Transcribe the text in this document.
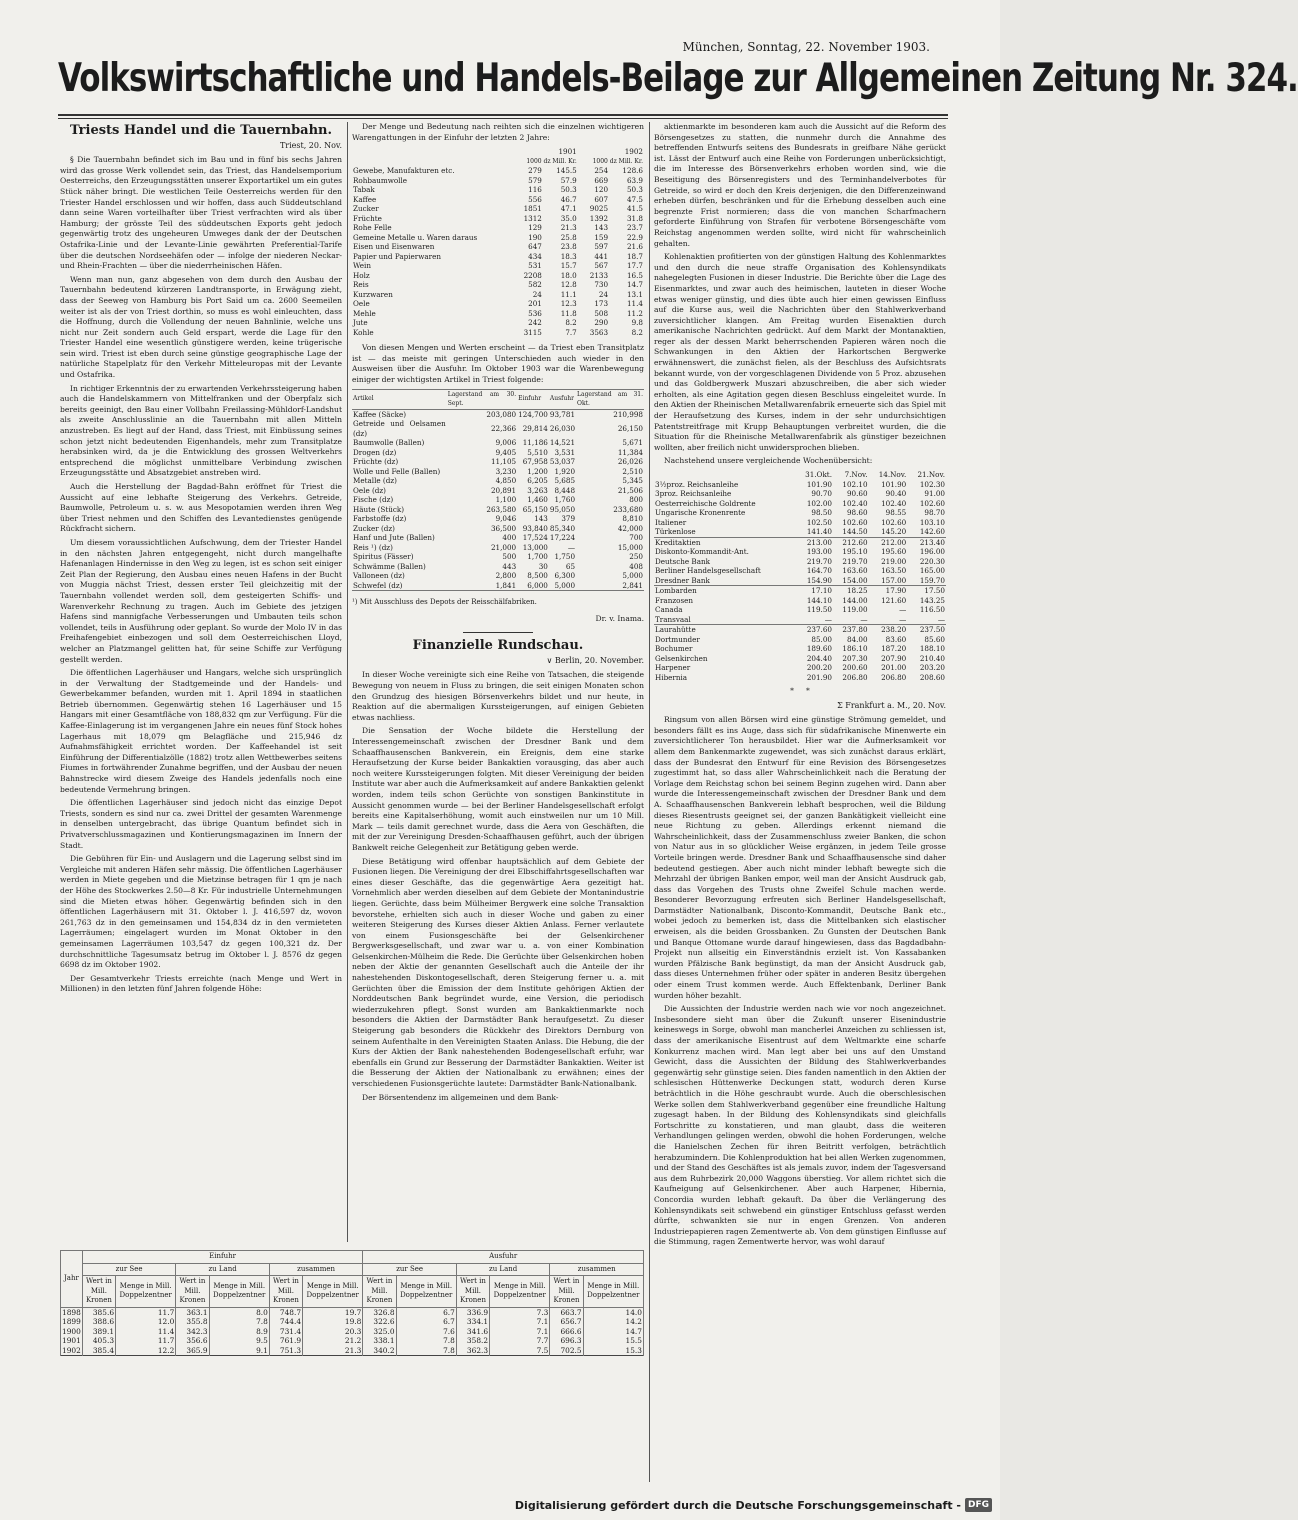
München, Sonntag, 22. November 1903.
Volkswirtschaftliche und Handels-Beilage zur Allgemeinen Zeitung Nr. 324.
Triests Handel und die Tauernbahn.
Triest, 20. Nov.

§ Die Tauernbahn befindet sich im Bau und in fünf bis sechs Jahren wird das grosse Werk vollendet sein, das Triest, das Handelsemporium Oesterreichs, den Erzeugungsstätten unserer Exportartikel um ein gutes Stück näher bringt. Die westlichen Teile Oesterreichs werden für den Triester Handel erschlossen und wir hoffen, dass auch Süddeutschland dann seine Waren vorteilhafter über Triest verfrachten wird als über Hamburg; der grösste Teil des süddeutschen Exports geht jedoch gegenwärtig trotz des ungeheuren Umweges dank der der Deutschen Ostafrika-Linie und der Levante-Linie gewährten Preferential-Tarife über die deutschen Nordseehäfen oder — infolge der niederen Neckar- und Rhein-Frachten — über die niederrheinischen Häfen.

Wenn man nun, ganz abgesehen von dem durch den Ausbau der Tauernbahn bedeutend kürzeren Landtransporte, in Erwägung zieht, dass der Seeweg von Hamburg bis Port Said um ca. 2600 Seemeilen weiter ist als der von Triest dorthin, so muss es wohl einleuchten, dass die Hoffnung, durch die Vollendung der neuen Bahnlinie, welche uns nicht nur Zeit sondern auch Geld erspart, werde die Lage für den Triester Handel eine wesentlich günstigere werden, keine trügerische sein wird. Triest ist eben durch seine günstige geographische Lage der natürliche Stapelplatz für den Verkehr Mitteleuropas mit der Levante und Ostafrika.

In richtiger Erkenntnis der zu erwartenden Verkehrssteigerung haben auch die Handelskammern von Mittelfranken und der Oberpfalz sich bereits geeinigt, den Bau einer Vollbahn Freilassing-Mühldorf-Landshut als zweite Anschlusslinie an die Tauernbahn mit allen Mitteln anzustreben. Es liegt auf der Hand, dass Triest, mit Einbüssung seines schon jetzt nicht bedeutenden Eigenhandels, mehr zum Transitplatze herabsinken wird, da je die Entwicklung des grossen Weltverkehrs entsprechend die möglichst unmittelbare Verbindung zwischen Erzeugungsstätte und Absatzgebiet anstreben wird.

Auch die Herstellung der Bagdad-Bahn eröffnet für Triest die Aussicht auf eine lebhafte Steigerung des Verkehrs. Getreide, Baumwolle, Petroleum u. s. w. aus Mesopotamien werden ihren Weg über Triest nehmen und den Schiffen des Levantedienstes genügende Rückfracht sichern.

Um diesem voraussichtlichen Aufschwung, dem der Triester Handel in den nächsten Jahren entgegengeht, nicht durch mangelhafte Hafenanlagen Hindernisse in den Weg zu legen, ist es schon seit einiger Zeit Plan der Regierung, den Ausbau eines neuen Hafens in der Bucht von Muggia nächst Triest, dessen erster Teil gleichzeitig mit der Tauernbahn vollendet werden soll, dem gesteigerten Schiffs- und Warenverkehr Rechnung zu tragen. Auch im Gebiete des jetzigen Hafens sind mannigfache Verbesserungen und Umbauten teils schon vollendet, teils in Ausführung oder geplant. So wurde der Molo IV in das Freihafengebiet einbezogen und soll dem Oesterreichischen Lloyd, welcher an Platzmangel gelitten hat, für seine Schiffe zur Verfügung gestellt werden.

Die öffentlichen Lagerhäuser und Hangars, welche sich ursprünglich in der Verwaltung der Stadtgemeinde und der Handels- und Gewerbekammer befanden, wurden mit 1. April 1894 in staatlichen Betrieb übernommen. Gegenwärtig stehen 16 Lagerhäuser und 15 Hangars mit einer Gesamtfläche von 188,832 qm zur Verfügung. Für die Kaffee-Einlagerung ist im vergangenen Jahre ein neues fünf Stock hohes Lagerhaus mit 18,079 qm Belagfläche und 215,946 dz Aufnahmsfähigkeit errichtet worden. Der Kaffeehandel ist seit Einführung der Differentialzölle (1882) trotz allen Wettbewerbes seitens Fiumes in fortwährender Zunahme begriffen, und der Ausbau der neuen Bahnstrecke wird diesem Zweige des Handels jedenfalls noch eine bedeutende Vermehrung bringen.

Die öffentlichen Lagerhäuser sind jedoch nicht das einzige Depot Triests, sondern es sind nur ca. zwei Drittel der gesamten Warenmenge in denselben untergebracht, das übrige Quantum befindet sich in Privatverschlussmagazinen und Kontierungsmagazinen im Innern der Stadt.

Die Gebühren für Ein- und Auslagern und die Lagerung selbst sind im Vergleiche mit anderen Häfen sehr mässig. Die öffentlichen Lagerhäuser werden in Miete gegeben und die Mietzinse betragen für 1 qm je nach der Höhe des Stockwerkes 2.50—8 Kr. Für industrielle Unternehmungen sind die Mieten etwas höher. Gegenwärtig befinden sich in den öffentlichen Lagerhäusern mit 31. Oktober l. J. 416,597 dz, wovon 261,763 dz in den gemeinsamen und 154,834 dz in den vermieteten Lagerräumen; eingelagert wurden im Monat Oktober in den gemeinsamen Lagerräumen 103,547 dz gegen 100,321 dz. Der durchschnittliche Tagesumsatz betrug im Oktober l. J. 8576 dz gegen 6698 dz im Oktober 1902.

Der Gesamtverkehr Triests erreichte (nach Menge und Wert in Millionen) in den letzten fünf Jahren folgende Höhe:

Der Menge und Bedeutung nach reihten sich die einzelnen wichtigeren Warengattungen in der Einfuhr der letzten 2 Jahre:

	1901		1902	
	1000 dz Mill. Kr.		1000 dz Mill. Kr.	
Gewebe, Manufakturen etc.	279	145.5	254	128.6
Rohbaumwolle	579	57.9	669	63.9
Tabak	116	50.3	120	50.3
Kaffee	556	46.7	607	47.5
Zucker	1851	47.1	9025	41.5
Früchte	1312	35.0	1392	31.8
Rohe Felle	129	21.3	143	23.7
Gemeine Metalle u. Waren daraus	190	25.8	159	22.9
Eisen und Eisenwaren	647	23.8	597	21.6
Papier und Papierwaren	434	18.3	441	18.7
Wein	531	15.7	567	17.7
Holz	2208	18.0	2133	16.5
Reis	582	12.8	730	14.7
Kurzwaren	24	11.1	24	13.1
Oele	201	12.3	173	11.4
Mehle	536	11.8	508	11.2
Jute	242	8.2	290	9.8
Kohle	3115	7.7	3563	8.2

Von diesen Mengen und Werten erscheint — da Triest eben Transitplatz ist — das meiste mit geringen Unterschieden auch wieder in den Ausweisen über die Ausfuhr. Im Oktober 1903 war die Warenbewegung einiger der wichtigsten Artikel in Triest folgende:

Artikel	Lagerstand am 30. Sept.	Einfuhr	Ausfuhr	Lagerstand am 31. Okt.
Kaffee (Säcke)	203,080	124,700	93,781	210,998
Getreide und Oelsamen (dz)	22,366	29,814	26,030	26,150
Baumwolle (Ballen)	9,006	11,186	14,521	5,671
Drogen (dz)	9,405	5,510	3,531	11,384
Früchte (dz)	11,105	67,958	53,037	26,026
Wolle und Felle (Ballen)	3,230	1,200	1,920	2,510
Metalle (dz)	4,850	6,205	5,685	5,345
Oele (dz)	20,891	3,263	8,448	21,506
Fische (dz)	1,100	1,460	1,760	800
Häute (Stück)	263,580	65,150	95,050	233,680
Farbstoffe (dz)	9,046	143	379	8,810
Zucker (dz)	36,500	93,840	85,340	42,000
Hanf und Jute (Ballen)	400	17,524	17,224	700
Reis ¹) (dz)	21,000	13,000	—	15,000
Spiritus (Fässer)	500	1,700	1,750	250
Schwämme (Ballen)	443	30	65	408
Valloneen (dz)	2,800	8,500	6,300	5,000
Schwefel (dz)	1,841	6,000	5,000	2,841
¹) Mit Ausschluss des Depots der Reisschälfabriken.
Dr. v. Inama.
Finanzielle Rundschau.
∨ Berlin, 20. November.

In dieser Woche vereinigte sich eine Reihe von Tatsachen, die steigende Bewegung von neuem in Fluss zu bringen, die seit einigen Monaten schon den Grundzug des hiesigen Börsenverkehrs bildet und nur heute, in Reaktion auf die abermaligen Kurssteigerungen, auf einigen Gebieten etwas nachliess.

Die Sensation der Woche bildete die Herstellung der Interessengemeinschaft zwischen der Dresdner Bank und dem Schaaffhausenschen Bankverein, ein Ereignis, dem eine starke Heraufsetzung der Kurse beider Bankaktien vorausging, das aber auch noch weitere Kurssteigerungen folgten. Mit dieser Vereinigung der beiden Institute war aber auch die Aufmerksamkeit auf andere Bankaktien gelenkt worden, indem teils schon Gerüchte von sonstigen Bankinstitute in Aussicht genommen wurde — bei der Berliner Handelsgesellschaft erfolgt bereits eine Kapitalserhöhung, womit auch einstweilen nur um 10 Mill. Mark — teils damit gerechnet wurde, dass die Aera von Geschäften, die mit der zur Vereinigung Dresden-Schaaffhausen geführt, auch der übrigen Bankwelt reiche Gelegenheit zur Betätigung geben werde.

Diese Betätigung wird offenbar hauptsächlich auf dem Gebiete der Fusionen liegen. Die Vereinigung der drei Elbschiffahrtsgesellschaften war eines dieser Geschäfte, das die gegenwärtige Aera gezeitigt hat. Vornehmlich aber werden dieselben auf dem Gebiete der Montanindustrie liegen. Gerüchte, dass beim Mülheimer Bergwerk eine solche Transaktion bevorstehe, erhielten sich auch in dieser Woche und gaben zu einer weiteren Steigerung des Kurses dieser Aktien Anlass. Ferner verlautete von einem Fusionsgeschäfte bei der Gelsenkirchener Bergwerksgesellschaft, und zwar war u. a. von einer Kombination Gelsenkirchen-Mülheim die Rede. Die Gerüchte über Gelsenkirchen hoben neben der Aktie der genannten Gesellschaft auch die Anteile der ihr nahestehenden Diskontogesellschaft, deren Steigerung ferner u. a. mit Gerüchten über die Emission der dem Institute gehörigen Aktien der Norddeutschen Bank begründet wurde, eine Version, die periodisch wiederzukehren pflegt. Sonst wurden am Bankaktienmarkte noch besonders die Aktien der Darmstädter Bank heraufgesetzt. Zu dieser Steigerung gab besonders die Rückkehr des Direktors Dernburg von seinem Aufenthalte in den Vereinigten Staaten Anlass. Die Hebung, die der Kurs der Aktien der Bank nahestehenden Bodengesellschaft erfuhr, war ebenfalls ein Grund zur Besserung der Darmstädter Bankaktien. Weiter ist die Besserung der Aktien der Nationalbank zu erwähnen; eines der verschiedenen Fusionsgerüchte lautete: Darmstädter Bank-Nationalbank.

Der Börsentendenz im allgemeinen und dem Bank-

aktienmarkte im besonderen kam auch die Aussicht auf die Reform des Börsengesetzes zu statten, die nunmehr durch die Annahme des betreffenden Entwurfs seitens des Bundesrats in greifbare Nähe gerückt ist. Lässt der Entwurf auch eine Reihe von Forderungen unberücksichtigt, die im Interesse des Börsenverkehrs erhoben worden sind, wie die Beseitigung des Börsenregisters und des Terminhandelverbotes für Getreide, so wird er doch den Kreis derjenigen, die den Differenzeinwand erheben dürfen, beschränken und für die Erhebung desselben auch eine begrenzte Frist normieren; dass die von manchen Scharfmachern geforderte Einführung von Strafen für verbotene Börsengeschäfte vom Reichstag angenommen werden sollte, wird nicht für wahrscheinlich gehalten.

Kohlenaktien profitierten von der günstigen Haltung des Kohlenmarktes und den durch die neue straffe Organisation des Kohlensyndikats nahegelegten Fusionen in dieser Industrie. Die Berichte über die Lage des Eisenmarktes, und zwar auch des heimischen, lauteten in dieser Woche etwas weniger günstig, und dies übte auch hier einen gewissen Einfluss auf die Kurse aus, weil die Nachrichten über den Stahlwerkverband zuversichtlicher klangen. Am Freitag wurden Eisenaktien durch amerikanische Nachrichten gedrückt. Auf dem Markt der Montanaktien, reger als der dessen Markt beherrschenden Papieren wären noch die Schwankungen in den Aktien der Harkortschen Bergwerke erwähnenswert, die zunächst fielen, als der Beschluss des Aufsichtsrats bekannt wurde, von der vorgeschlagenen Dividende von 5 Proz. abzusehen und das Goldbergwerk Muszari abzuschreiben, die aber sich wieder erholten, als eine Agitation gegen diesen Beschluss eingeleitet wurde. In den Aktien der Rheinischen Metallwarenfabrik erneuerte sich das Spiel mit der Heraufsetzung des Kurses, indem in der sehr undurchsichtigen Patentstreitfrage mit Krupp Behauptungen verbreitet wurden, die die Situation für die Rheinische Metallwarenfabrik als günstiger bezeichnen wollten, aber freilich nicht unwidersprochen blieben.

Nachstehend unsere vergleichende Wochenübersicht:

	31.Okt.	7.Nov.	14.Nov.	21.Nov.
3½proz. Reichsanleihe	101.90	102.10	101.90	102.30
3proz. Reichsanleihe	90.70	90.60	90.40	91.00
Oesterreichische Goldrente	102.00	102.40	102.40	102.60
Ungarische Kronenrente	98.50	98.60	98.55	98.70
Italiener	102.50	102.60	102.60	103.10
Türkenlose	141.40	144.50	145.20	142.60
Kreditaktien	213.00	212.60	212.00	213.40
Diskonto-Kommandit-Ant.	193.00	195.10	195.60	196.00
Deutsche Bank	219.70	219.70	219.00	220.30
Berliner Handelsgesellschaft	164.70	163.60	163.50	165.00
Dresdner Bank	154.90	154.00	157.00	159.70
Lombarden	17.10	18.25	17.90	17.50
Franzosen	144.10	144.00	121.60	143.25
Canada	119.50	119.00	—	116.50
Transvaal	—	—	—	—
Laurahütte	237.60	237.80	238.20	237.50
Dortmunder	85.00	84.00	83.60	85.60
Bochumer	189.60	186.10	187.20	188.10
Gelsenkirchen	204.40	207.30	207.90	210.40
Harpener	200.20	200.60	201.00	203.20
Hibernia	201.90	206.80	206.80	208.60
*     *
Σ Frankfurt a. M., 20. Nov.

Ringsum von allen Börsen wird eine günstige Strömung gemeldet, und besonders fällt es ins Auge, dass sich für südafrikanische Minenwerte ein zuversichtlicherer Ton herausbildet. Hier war die Aufmerksamkeit vor allem dem Bankenmarkte zugewendet, was sich zunächst daraus erklärt, dass der Bundesrat den Entwurf für eine Revision des Börsengesetzes zugestimmt hat, so dass aller Wahrscheinlichkeit nach die Beratung der Vorlage dem Reichstag schon bei seinem Beginn zugehen wird. Dann aber wurde die Interessengemeinschaft zwischen der Dresdner Bank und dem A. Schaaffhausenschen Bankverein lebhaft besprochen, weil die Bildung dieses Riesentrusts geeignet sei, der ganzen Bankätigkeit vielleicht eine neue Richtung zu geben. Allerdings erkennt niemand die Wahrscheinlichkeit, dass der Zusammenschluss zweier Banken, die schon von Natur aus in so glücklicher Weise ergänzen, in jedem Teile grosse Vorteile bringen werde. Dresdner Bank und Schaaffhausensche sind daher bedeutend gestiegen. Aber auch nicht minder lebhaft bewegte sich die Mehrzahl der übrigen Banken empor, weil man der Ansicht Ausdruck gab, dass das Vorgehen des Trusts ohne Zweifel Schule machen werde. Besonderer Bevorzugung erfreuten sich Berliner Handelsgesellschaft, Darmstädter Nationalbank, Disconto-Kommandit, Deutsche Bank etc., wobei jedoch zu bemerken ist, dass die Mittelbanken sich elastischer erweisen, als die beiden Grossbanken. Zu Gunsten der Deutschen Bank und Banque Ottomane wurde darauf hingewiesen, dass das Bagdadbahn-Projekt nun allseitig ein Einverständnis erzielt ist. Von Kassabanken wurden Pfälzische Bank begünstigt, da man der Ansicht Ausdruck gab, dass dieses Unternehmen früher oder später in anderen Besitz übergehen oder einem Trust kommen werde. Auch Effektenbank, Derliner Bank wurden höher bezahlt.

Die Aussichten der Industrie werden nach wie vor noch angezeichnet. Insbesondere sieht man über die Zukunft unserer Eisenindustrie keineswegs in Sorge, obwohl man mancherlei Anzeichen zu schliessen ist, dass der amerikanische Eisentrust auf dem Weltmarkte eine scharfe Konkurrenz machen wird. Man legt aber bei uns auf den Umstand Gewicht, dass die Aussichten der Bildung des Stahlwerkverbandes gegenwärtig sehr günstige seien. Dies fanden namentlich in den Aktien der schlesischen Hüttenwerke Deckungen statt, wodurch deren Kurse beträchtlich in die Höhe geschraubt wurde. Auch die oberschlesischen Werke sollen dem Stahlwerkverband gegenüber eine freundliche Haltung zugesagt haben. In der Bildung des Kohlensyndikats sind gleichfalls Fortschritte zu konstatieren, und man glaubt, dass die weiteren Verhandlungen gelingen werden, obwohl die hohen Forderungen, welche die Hanielschen Zechen für ihren Beitritt verfolgen, beträchtlich herabzumindern. Die Kohlenproduktion hat bei allen Werken zugenommen, und der Stand des Geschäftes ist als jemals zuvor, indem der Tagesversand aus dem Ruhrbezirk 20,000 Waggons überstieg. Vor allem richtet sich die Kaufneigung auf Gelsenkirchener. Aber auch Harpener, Hibernia, Concordia wurden lebhaft gekauft. Da über die Verlängerung des Kohlensyndikats seit schwebend ein günstiger Entschluss gefasst werden dürfte, schwankten sie nur in engen Grenzen. Von anderen Industriepapieren ragen Zementwerte ab. Von dem günstigen Einflusse auf die Stimmung, ragen Zementwerte hervor, was wohl darauf

Jahr	Einfuhr						Ausfuhr					
	zur See		zu Land		zusammen		zur See		zu Land		zusammen	
	Wert in Mill. Kronen	Menge in Mill. Doppelzentner	Wert in Mill. Kronen	Menge in Mill. Doppelzentner	Wert in Mill. Kronen	Menge in Mill. Doppelzentner	Wert in Mill. Kronen	Menge in Mill. Doppelzentner	Wert in Mill. Kronen	Menge in Mill. Doppelzentner	Wert in Mill. Kronen	Menge in Mill. Doppelzentner
1898	385.6	11.7	363.1	8.0	748.7	19.7	326.8	6.7	336.9	7.3	663.7	14.0
1899	388.6	12.0	355.8	7.8	744.4	19.8	322.6	6.7	334.1	7.1	656.7	14.2
1900	389.1	11.4	342.3	8.9	731.4	20.3	325.0	7.6	341.6	7.1	666.6	14.7
1901	405.3	11.7	356.6	9.5	761.9	21.2	338.1	7.8	358.2	7.7	696.3	15.5
1902	385.4	12.2	365.9	9.1	751.3	21.3	340.2	7.8	362.3	7.5	702.5	15.3
Digitalisierung gefördert durch die Deutsche Forschungsgemeinschaft - DFG
